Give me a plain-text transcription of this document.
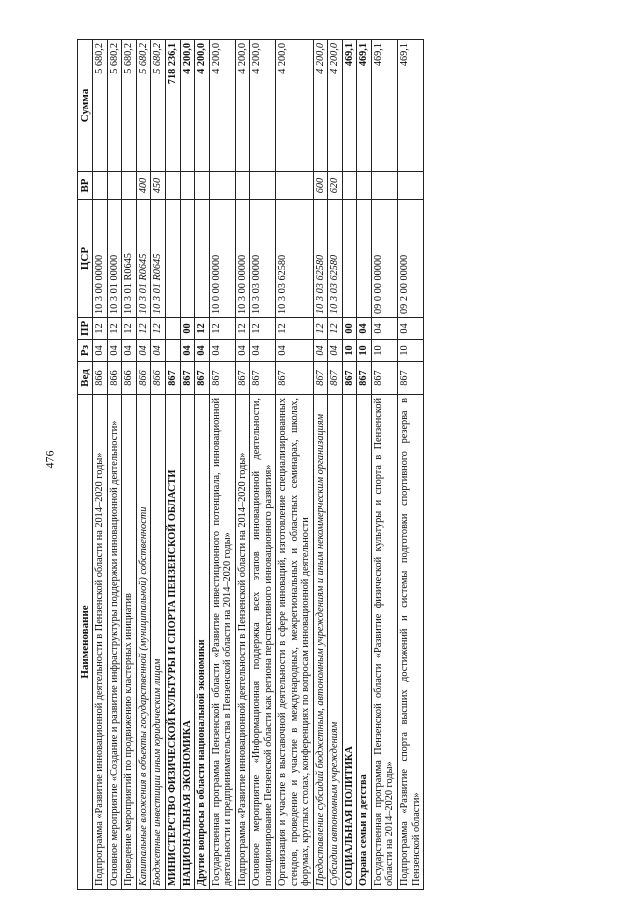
476
Наименование	Вед	Рз	ПР	ЦСР	ВР	Сумма
Подпрограмма «Развитие инновационной деятельности в Пензенской области на 2014–2020 годы»	866	04	12	10 3 00 00000		5 680,2
Основное мероприятие «Создание и развитие инфраструктуры поддержки инновационной деятельности»	866	04	12	10 3 01 00000		5 680,2
Проведение мероприятий по продвижению кластерных инициатив	866	04	12	10 3 01 R0645		5 680,2
Капитальные вложения в объекты государственной (муниципальной) собственности	866	04	12	10 3 01 R0645	400	5 680,2
Бюджетные инвестиции иным юридическим лицам	866	04	12	10 3 01 R0645	450	5 680,2
МИНИСТЕРСТВО ФИЗИЧЕСКОЙ КУЛЬТУРЫ И СПОРТА ПЕНЗЕНСКОЙ ОБЛАСТИ	867					718 236,1
НАЦИОНАЛЬНАЯ ЭКОНОМИКА	867	04	00			4 200,0
Другие вопросы в области национальной экономики	867	04	12			4 200,0
Государственная программа Пензенской области «Развитие инвестиционного потенциала, инновационной деятельности и предпринимательства в Пензенской области на 2014–2020 годы»	867	04	12	10 0 00 00000		4 200,0
Подпрограмма «Развитие инновационной деятельности в Пензенской области на 2014–2020 годы»	867	04	12	10 3 00 00000		4 200,0
Основное мероприятие «Информационная поддержка всех этапов инновационной деятельности, позиционирование Пензенской области как региона перспективного инновационного развития»	867	04	12	10 3 03 00000		4 200,0
Организация и участие в выставочной деятельности в сфере инноваций, изготовление специализированных стендов, проведение и участие в международных, межрегиональных и областных семинарах, школах, форумах, круглых столах, конференциях по вопросам инновационной деятельности	867	04	12	10 3 03 62580		4 200,0
Предоставление субсидий бюджетным, автономным учреждениям и иным некоммерческим организациям	867	04	12	10 3 03 62580	600	4 200,0
Субсидии автономным учреждениям	867	04	12	10 3 03 62580	620	4 200,0
СОЦИАЛЬНАЯ ПОЛИТИКА	867	10	00			469,1
Охрана семьи и детства	867	10	04			469,1
Государственная программа Пензенской области «Развитие физической культуры и спорта в Пензенской области на 2014–2020 годы»	867	10	04	09 0 00 00000		469,1
Подпрограмма «Развитие спорта высших достижений и системы подготовки спортивного резерва в Пензенской области»	867	10	04	09 2 00 00000		469,1
